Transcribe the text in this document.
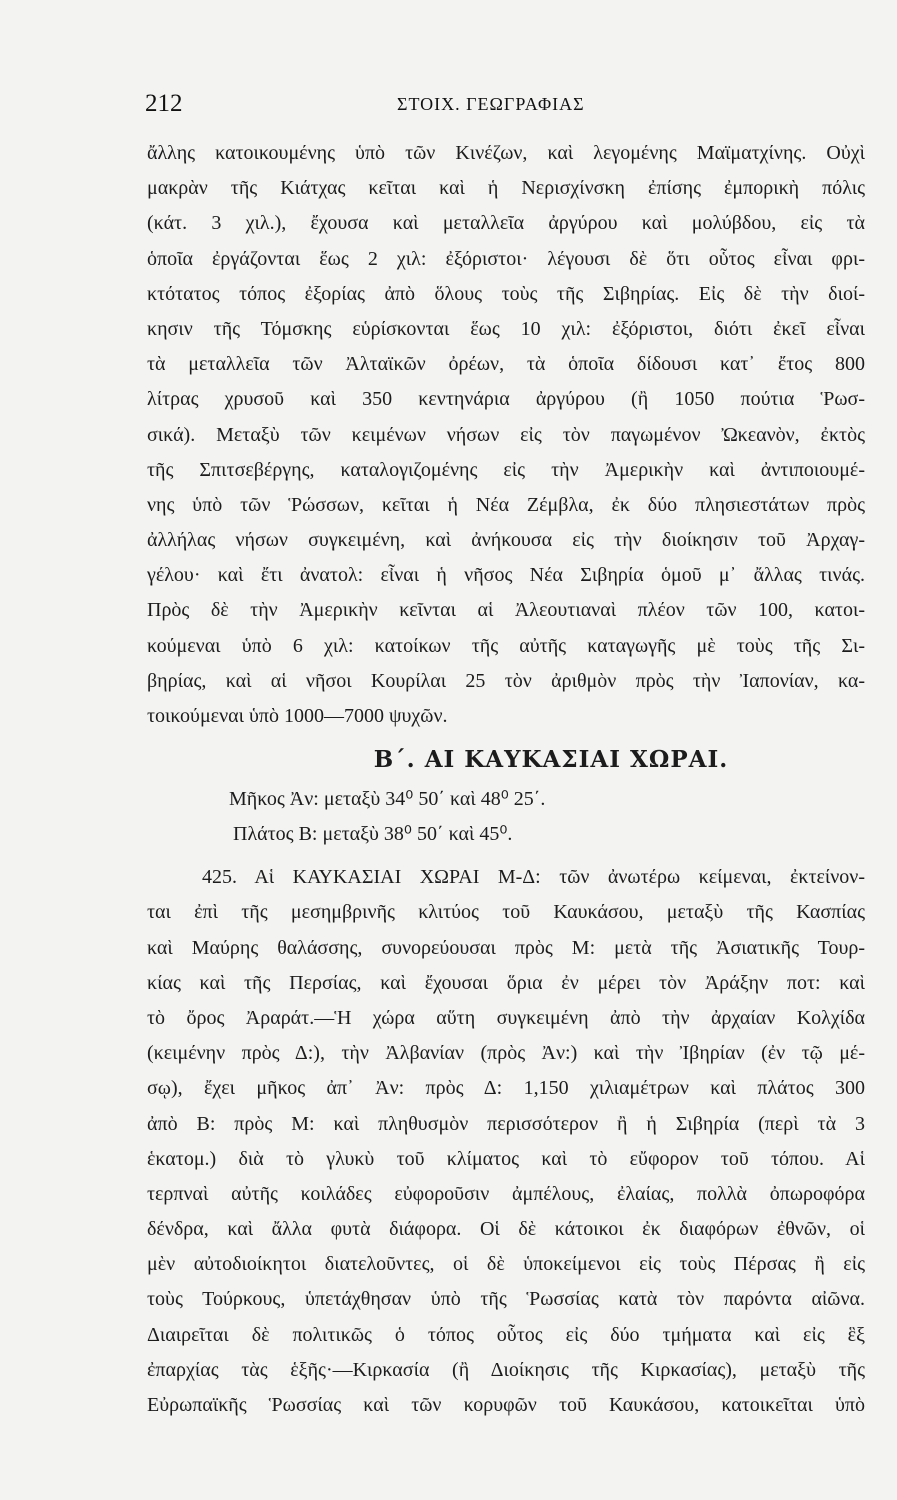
212	ΣΤΟΙΧ. ΓΕΩΓΡΑΦΙΑΣ
ἄλλης κατοικουμένης ὑπὸ τῶν Κινέζων, καὶ λεγομένης Μαϊματχίνης. Οὐχὶ
μακρὰν τῆς Κιάτχας κεῖται καὶ ἡ Νερισχίνσκη ἐπίσης ἐμπορικὴ πόλις
(κάτ. 3 χιλ.), ἔχουσα καὶ μεταλλεῖα ἀργύρου καὶ μολύβδου, εἰς τὰ
ὁποῖα ἐργάζονται ἕως 2 χιλ: ἐξόριστοι· λέγουσι δὲ ὅτι οὗτος εἶναι φρι-
κτότατος τόπος ἐξορίας ἀπὸ ὅλους τοὺς τῆς Σιβηρίας. Εἰς δὲ τὴν διοί-
κησιν τῆς Τόμσκης εὑρίσκονται ἕως 10 χιλ: ἐξόριστοι, διότι ἐκεῖ εἶναι
τὰ μεταλλεῖα τῶν Ἀλταϊκῶν ὀρέων, τὰ ὁποῖα δίδουσι κατ᾿ ἔτος 800
λίτρας χρυσοῦ καὶ 350 κεντηνάρια ἀργύρου (ἢ 1050 πούτια Ῥωσ-
σικά). Μεταξὺ τῶν κειμένων νήσων εἰς τὸν παγωμένον Ὠκεανὸν, ἐκτὸς
τῆς Σπιτσεβέργης, καταλογιζομένης εἰς τὴν Ἀμερικὴν καὶ ἀντιποιουμέ-
νης ὑπὸ τῶν Ῥώσσων, κεῖται ἡ Νέα Ζέμβλα, ἐκ δύο πλησιεστάτων πρὸς
ἀλλήλας νήσων συγκειμένη, καὶ ἀνήκουσα εἰς τὴν διοίκησιν τοῦ Ἀρχαγ-
γέλου· καὶ ἔτι ἀνατολ: εἶναι ἡ νῆσος Νέα Σιβηρία ὁμοῦ μ᾿ ἄλλας τινάς.
Πρὸς δὲ τὴν Ἀμερικὴν κεῖνται αἱ Ἀλεουτιαναὶ πλέον τῶν 100, κατοι-
κούμεναι ὑπὸ 6 χιλ: κατοίκων τῆς αὐτῆς καταγωγῆς μὲ τοὺς τῆς Σι-
βηρίας, καὶ αἱ νῆσοι Κουρίλαι 25 τὸν ἀριθμὸν πρὸς τὴν Ἰαπονίαν, κα-
τοικούμεναι ὑπὸ 1000—7000 ψυχῶν.
Β΄. ΑΙ ΚΑΥΚΑΣΙΑΙ ΧΩΡΑΙ.
Μῆκος Ἀν: μεταξὺ 34⁰ 50΄ καὶ 48⁰ 25΄.
Πλάτος Β: μεταξὺ 38⁰ 50΄ καὶ 45⁰.
425. Αἱ ΚΑΥΚΑΣΙΑΙ ΧΩΡΑΙ Μ-Δ: τῶν ἀνωτέρω κείμεναι, ἐκτείνον-
ται ἐπὶ τῆς μεσημβρινῆς κλιτύος τοῦ Καυκάσου, μεταξὺ τῆς Κασπίας
καὶ Μαύρης θαλάσσης, συνορεύουσαι πρὸς Μ: μετὰ τῆς Ἀσιατικῆς Τουρ-
κίας καὶ τῆς Περσίας, καὶ ἔχουσαι ὅρια ἐν μέρει τὸν Ἀράξην ποτ: καὶ
τὸ ὄρος Ἀραράτ.—Ἡ χώρα αὕτη συγκειμένη ἀπὸ τὴν ἀρχαίαν Κολχίδα
(κειμένην πρὸς Δ:), τὴν Ἀλβανίαν (πρὸς Ἀν:) καὶ τὴν Ἰβηρίαν (ἐν τῷ μέ-
σῳ), ἔχει μῆκος ἀπ᾿ Ἀν: πρὸς Δ: 1,150 χιλιαμέτρων καὶ πλάτος 300
ἀπὸ Β: πρὸς Μ: καὶ πληθυσμὸν περισσότερον ἢ ἡ Σιβηρία (περὶ τὰ 3
ἑκατομ.) διὰ τὸ γλυκὺ τοῦ κλίματος καὶ τὸ εὔφορον τοῦ τόπου. Αἱ
τερπναὶ αὐτῆς κοιλάδες εὐφοροῦσιν ἀμπέλους, ἐλαίας, πολλὰ ὀπωροφόρα
δένδρα, καὶ ἄλλα φυτὰ διάφορα. Οἱ δὲ κάτοικοι ἐκ διαφόρων ἐθνῶν, οἱ
μὲν αὐτοδιοίκητοι διατελοῦντες, οἱ δὲ ὑποκείμενοι εἰς τοὺς Πέρσας ἢ εἰς
τοὺς Τούρκους, ὑπετάχθησαν ὑπὸ τῆς Ῥωσσίας κατὰ τὸν παρόντα αἰῶνα.
Διαιρεῖται δὲ πολιτικῶς ὁ τόπος οὗτος εἰς δύο τμήματα καὶ εἰς ἓξ
ἐπαρχίας τὰς ἑξῆς·—Κιρκασία (ἢ Διοίκησις τῆς Κιρκασίας), μεταξὺ τῆς
Εὐρωπαϊκῆς Ῥωσσίας καὶ τῶν κορυφῶν τοῦ Καυκάσου, κατοικεῖται ὑπὸ
